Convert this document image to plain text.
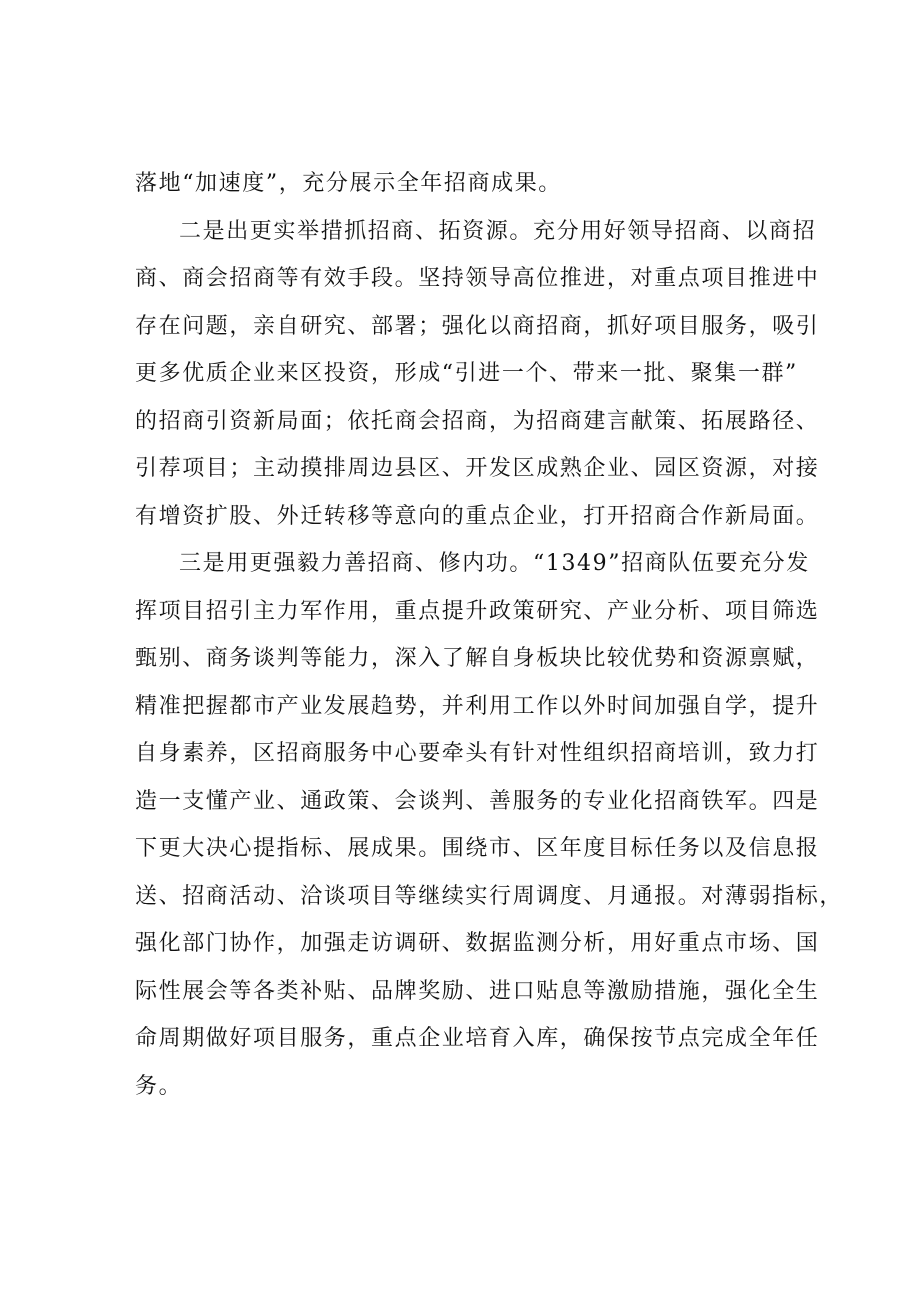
落地“加速度”，充分展示全年招商成果。
二是出更实举措抓招商、拓资源。充分用好领导招商、以商招
商、商会招商等有效手段。坚持领导高位推进，对重点项目推进中
存在问题，亲自研究、部署；强化以商招商，抓好项目服务，吸引
更多优质企业来区投资，形成“引进一个、带来一批、聚集一群”
的招商引资新局面；依托商会招商，为招商建言献策、拓展路径、
引荐项目；主动摸排周边县区、开发区成熟企业、园区资源，对接
有增资扩股、外迁转移等意向的重点企业，打开招商合作新局面。
三是用更强毅力善招商、修内功。“1349”招商队伍要充分发
挥项目招引主力军作用，重点提升政策研究、产业分析、项目筛选
甄别、商务谈判等能力，深入了解自身板块比较优势和资源禀赋，
精准把握都市产业发展趋势，并利用工作以外时间加强自学，提升
自身素养，区招商服务中心要牵头有针对性组织招商培训，致力打
造一支懂产业、通政策、会谈判、善服务的专业化招商铁军。四是
下更大决心提指标、展成果。围绕市、区年度目标任务以及信息报
送、招商活动、洽谈项目等继续实行周调度、月通报。对薄弱指标，
强化部门协作，加强走访调研、数据监测分析，用好重点市场、国
际性展会等各类补贴、品牌奖励、进口贴息等激励措施，强化全生
命周期做好项目服务，重点企业培育入库，确保按节点完成全年任
务。
